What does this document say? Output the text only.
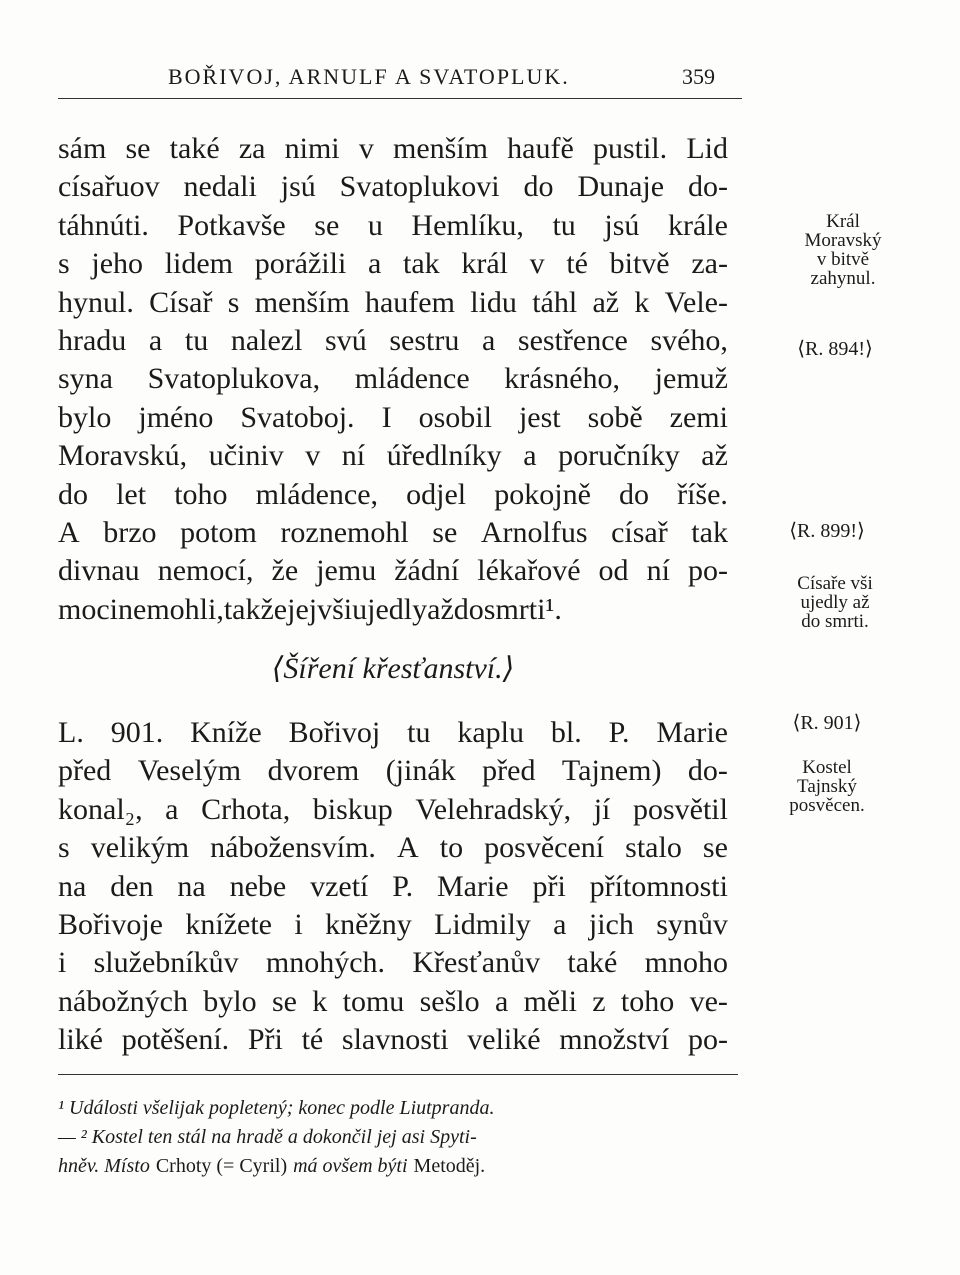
BOŘIVOJ, ARNULF A SVATOPLUK.	359
sám se také za nimi v menším haufě pustil. Lid
císařuov nedali jsú Svatoplukovi do Dunaje do-
táhnúti. Potkavše se u Hemlíku, tu jsú krále
s jeho lidem porážili a tak král v té bitvě za-
hynul. Císař s menším haufem lidu táhl až k Vele-
hradu a tu nalezl svú sestru a sestřence svého,
syna Svatoplukova, mládence krásného, jemuž
bylo jméno Svatoboj. I osobil jest sobě zemi
Moravskú, učiniv v ní úředlníky a poručníky až
do let toho mládence, odjel pokojně do říše.
A brzo potom roznemohl se Arnolfus císař tak
divnau nemocí, že jemu žádní lékařové od ní po-
moci nemohli, takže jej vši ujedly až do smrti¹.
⟨Šíření křesťanství.⟩
L. 901. Kníže Bořivoj tu kaplu bl. P. Marie
před Veselým dvorem (jinák před Tajnem) do-
konal₂, a Crhota, biskup Velehradský, jí posvětil
s velikým nábožensvím. A to posvěcení stalo se
na den na nebe vzetí P. Marie při přítomnosti
Bořivoje knížete i kněžny Lidmily a jich synův
i služebníkův mnohých. Křesťanův také mnoho
nábožných bylo se k tomu sešlo a měli z toho ve-
liké potěšení. Při té slavnosti veliké množství po-
Král
Moravský
v bitvě
zahynul.
⟨R. 894!⟩
⟨R. 899!⟩
Císaře vši
ujedly až
do smrti.
⟨R. 901⟩
Kostel
Tajnský
posvěcen.
¹ Události všelijak popletený; konec podle Liutpranda.
— ² Kostel ten stál na hradě a dokončil jej asi Spyti-
hněv. Místo Crhoty (= Cyril) má ovšem býti Metoděj.
